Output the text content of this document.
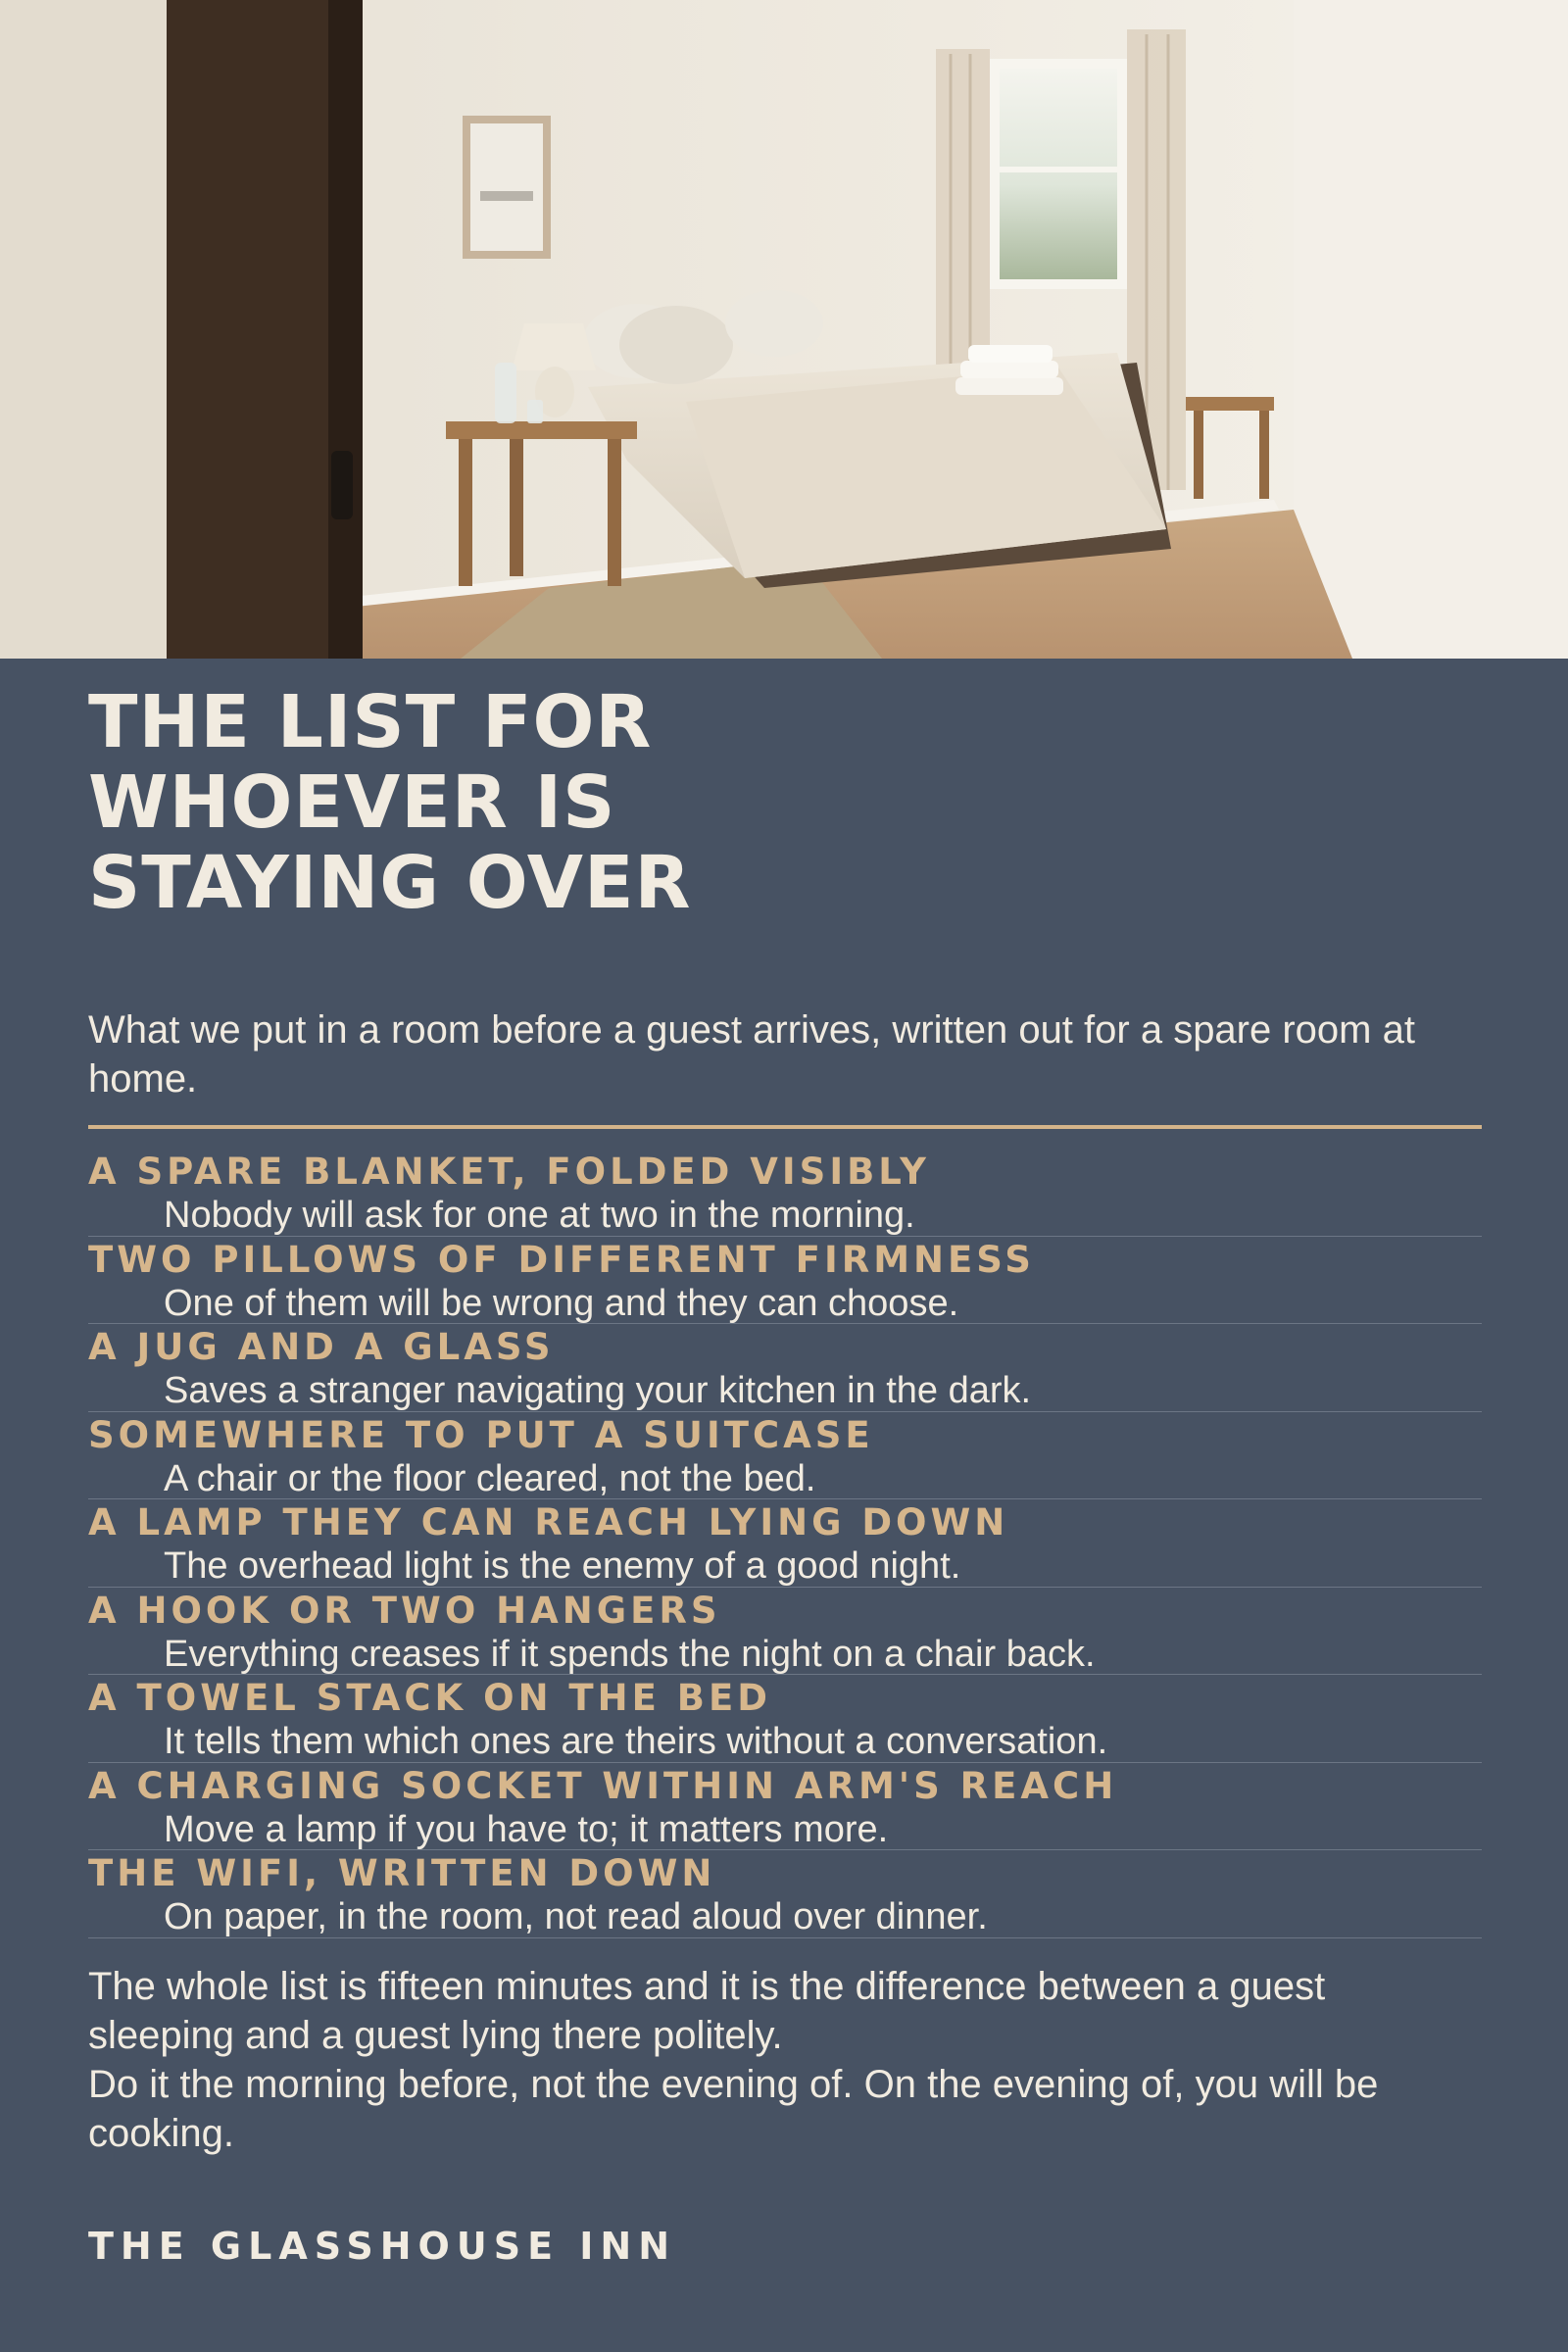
THE LIST FOR
WHOEVER IS
STAYING OVER

What we put in a room before a guest arrives, written out for a spare room at home.

A SPARE BLANKET, FOLDED VISIBLY
Nobody will ask for one at two in the morning.
TWO PILLOWS OF DIFFERENT FIRMNESS
One of them will be wrong and they can choose.
A JUG AND A GLASS
Saves a stranger navigating your kitchen in the dark.
SOMEWHERE TO PUT A SUITCASE
A chair or the floor cleared, not the bed.
A LAMP THEY CAN REACH LYING DOWN
The overhead light is the enemy of a good night.
A HOOK OR TWO HANGERS
Everything creases if it spends the night on a chair back.
A TOWEL STACK ON THE BED
It tells them which ones are theirs without a conversation.
A CHARGING SOCKET WITHIN ARM'S REACH
Move a lamp if you have to; it matters more.
THE WIFI, WRITTEN DOWN
On paper, in the room, not read aloud over dinner.

The whole list is fifteen minutes and it is the difference between a guest sleeping and a guest lying there politely.

Do it the morning before, not the evening of. On the evening of, you will be cooking.

THE GLASSHOUSE INN
